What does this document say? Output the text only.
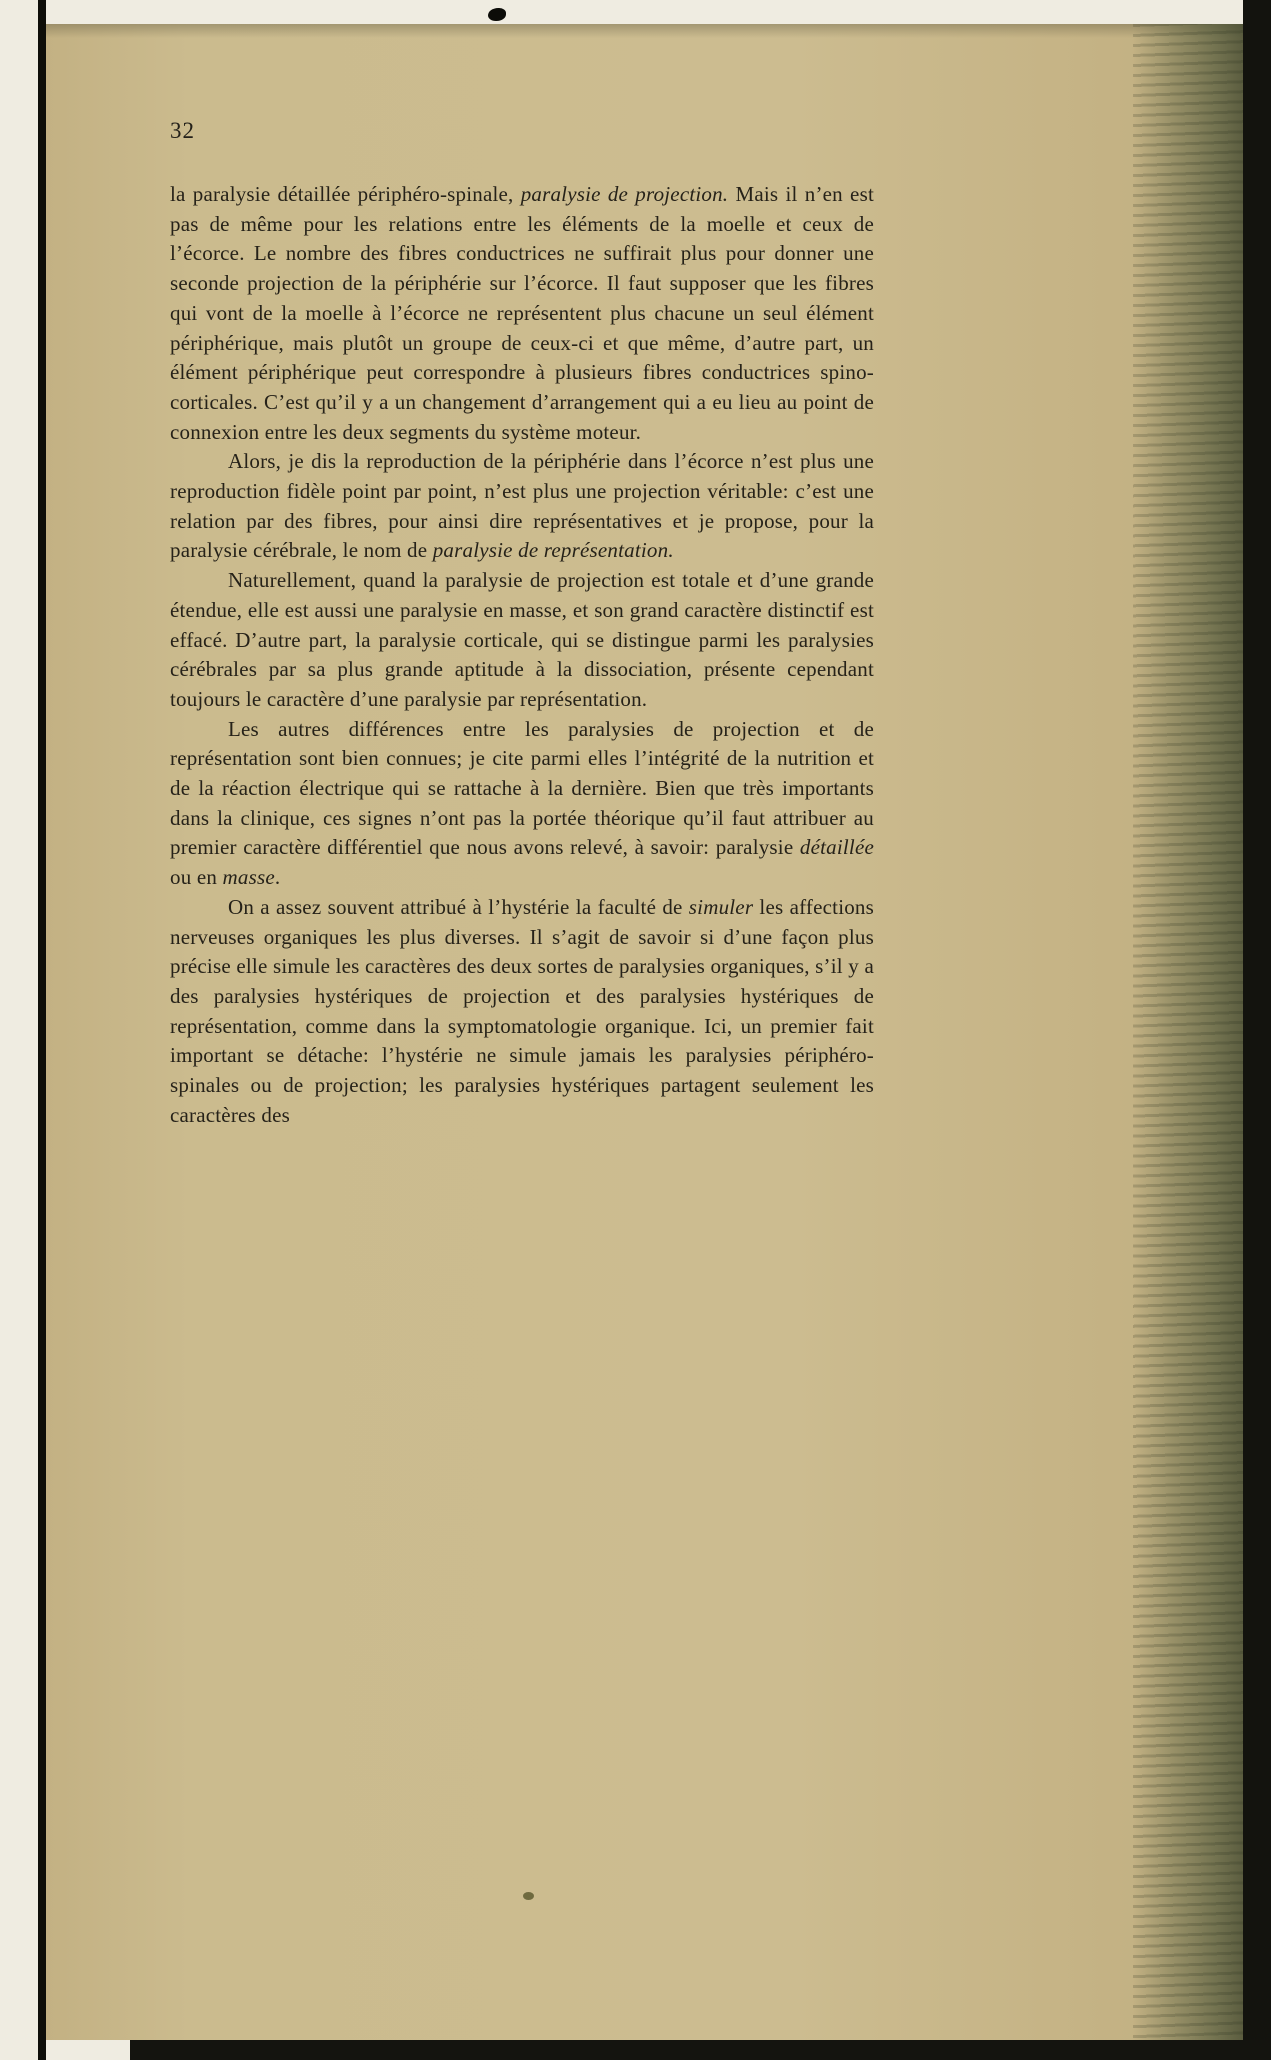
32

la paralysie détaillée périphéro-spinale, paralysie de projection. Mais il n’en est pas de même pour les relations entre les éléments de la moelle et ceux de l’écorce. Le nombre des fibres conductrices ne suffirait plus pour donner une seconde projection de la périphérie sur l’écorce. Il faut supposer que les fibres qui vont de la moelle à l’écorce ne représentent plus chacune un seul élément périphérique, mais plutôt un groupe de ceux-ci et que même, d’autre part, un élément périphérique peut correspondre à plusieurs fibres conductrices spino-corticales. C’est qu’il y a un changement d’arrangement qui a eu lieu au point de connexion entre les deux segments du système moteur.

Alors, je dis la reproduction de la périphérie dans l’écorce n’est plus une reproduction fidèle point par point, n’est plus une projection véritable: c’est une relation par des fibres, pour ainsi dire représentatives et je propose, pour la paralysie cérébrale, le nom de paralysie de représentation.

Naturellement, quand la paralysie de projection est totale et d’une grande étendue, elle est aussi une paralysie en masse, et son grand caractère distinctif est effacé. D’autre part, la paralysie corticale, qui se distingue parmi les paralysies cérébrales par sa plus grande aptitude à la dissociation, présente cependant toujours le caractère d’une paralysie par représentation.

Les autres différences entre les paralysies de projection et de représentation sont bien connues; je cite parmi elles l’intégrité de la nutrition et de la réaction électrique qui se rattache à la dernière. Bien que très importants dans la clinique, ces signes n’ont pas la portée théorique qu’il faut attribuer au premier caractère différentiel que nous avons relevé, à savoir: paralysie détaillée ou en masse.

On a assez souvent attribué à l’hystérie la faculté de simuler les affections nerveuses organiques les plus diverses. Il s’agit de savoir si d’une façon plus précise elle simule les caractères des deux sortes de paralysies organiques, s’il y a des paralysies hystériques de projection et des paralysies hystériques de représentation, comme dans la symptomatologie organique. Ici, un premier fait important se détache: l’hystérie ne simule jamais les paralysies périphéro-spinales ou de projection; les paralysies hystériques partagent seulement les caractères des
